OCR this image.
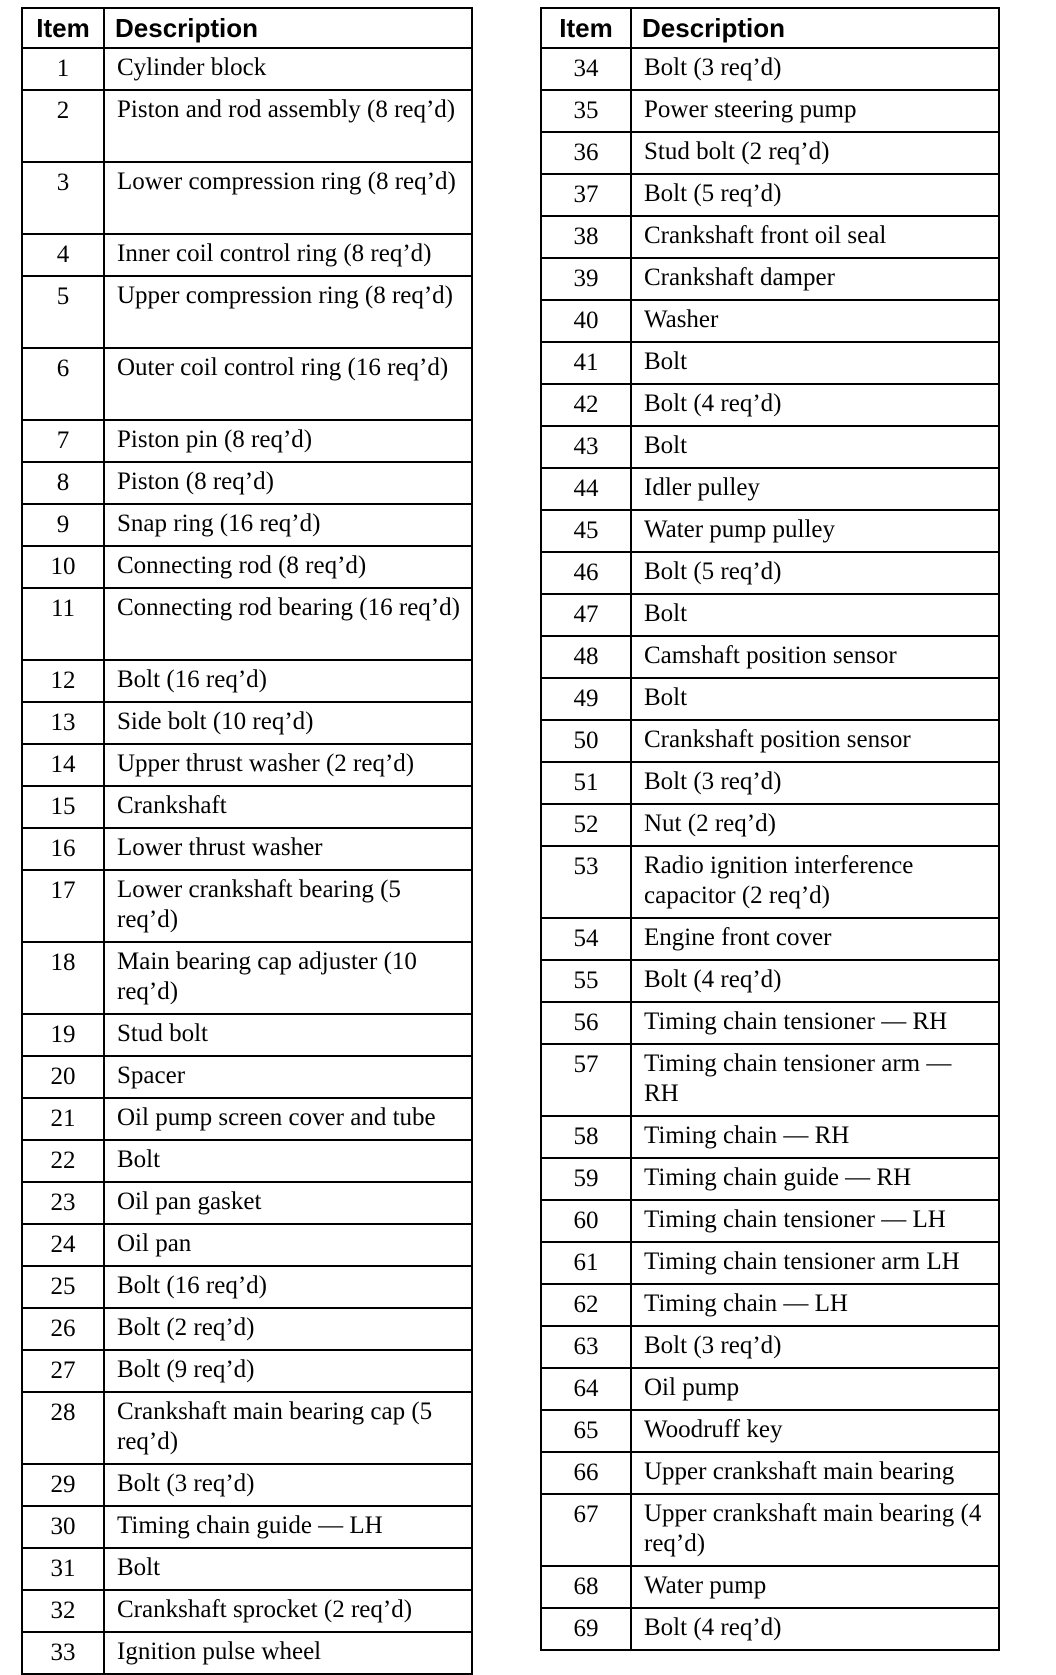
Item	Description
1	Cylinder block
2	Piston and rod assembly (8 req’d)
3	Lower compression ring (8 req’d)
4	Inner coil control ring (8 req’d)
5	Upper compression ring (8 req’d)
6	Outer coil control ring (16 req’d)
7	Piston pin (8 req’d)
8	Piston (8 req’d)
9	Snap ring (16 req’d)
10	Connecting rod (8 req’d)
11	Connecting rod bearing (16 req’d)
12	Bolt (16 req’d)
13	Side bolt (10 req’d)
14	Upper thrust washer (2 req’d)
15	Crankshaft
16	Lower thrust washer
17	Lower crankshaft bearing (5 req’d)
18	Main bearing cap adjuster (10 req’d)
19	Stud bolt
20	Spacer
21	Oil pump screen cover and tube
22	Bolt
23	Oil pan gasket
24	Oil pan
25	Bolt (16 req’d)
26	Bolt (2 req’d)
27	Bolt (9 req’d)
28	Crankshaft main bearing cap (5 req’d)
29	Bolt (3 req’d)
30	Timing chain guide — LH
31	Bolt
32	Crankshaft sprocket (2 req’d)
33	Ignition pulse wheel
Item	Description
34	Bolt (3 req’d)
35	Power steering pump
36	Stud bolt (2 req’d)
37	Bolt (5 req’d)
38	Crankshaft front oil seal
39	Crankshaft damper
40	Washer
41	Bolt
42	Bolt (4 req’d)
43	Bolt
44	Idler pulley
45	Water pump pulley
46	Bolt (5 req’d)
47	Bolt
48	Camshaft position sensor
49	Bolt
50	Crankshaft position sensor
51	Bolt (3 req’d)
52	Nut (2 req’d)
53	Radio ignition interference capacitor (2 req’d)
54	Engine front cover
55	Bolt (4 req’d)
56	Timing chain tensioner — RH
57	Timing chain tensioner arm — RH
58	Timing chain — RH
59	Timing chain guide — RH
60	Timing chain tensioner — LH
61	Timing chain tensioner arm LH
62	Timing chain — LH
63	Bolt (3 req’d)
64	Oil pump
65	Woodruff key
66	Upper crankshaft main bearing
67	Upper crankshaft main bearing (4 req’d)
68	Water pump
69	Bolt (4 req’d)
